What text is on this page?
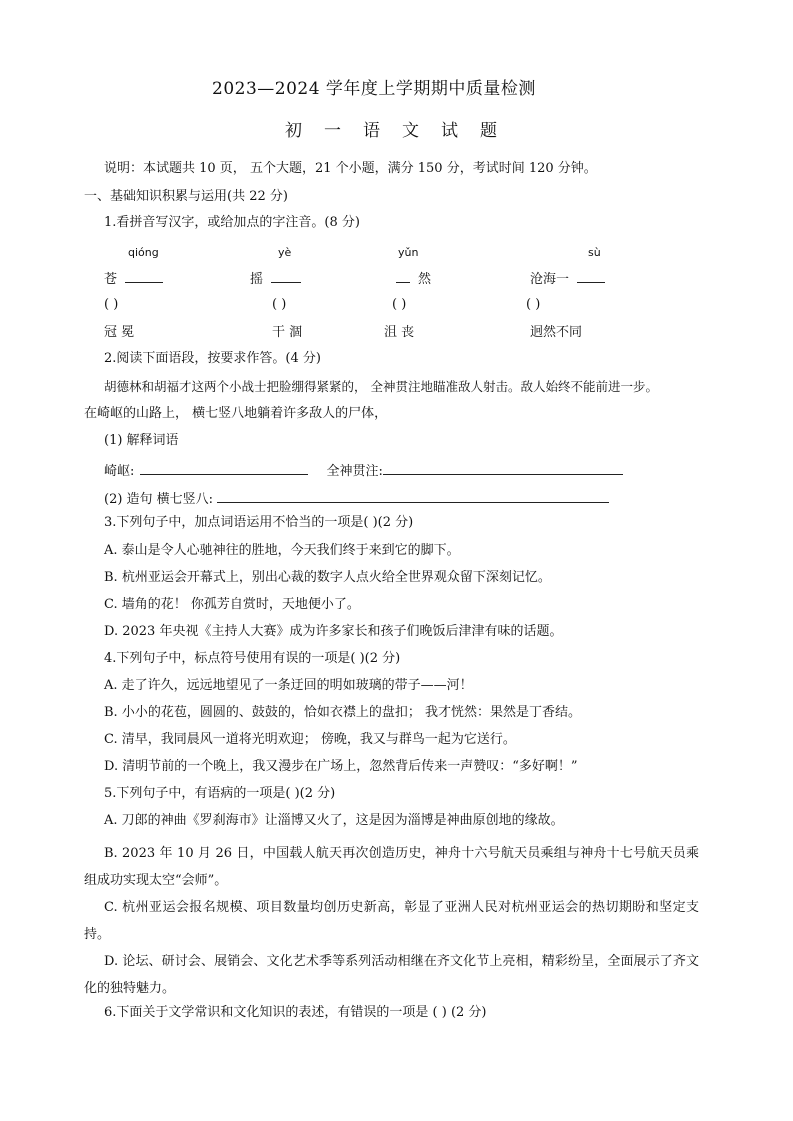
2023—2024 学年度上学期期中质量检测
初 一 语 文 试 题
说明：本试题共 10 页， 五个大题，21 个小题，满分 150 分，考试时间 120 分钟。
一、基础知识积累与运用(共 22 分)
1.看拼音写汉字，或给加点的字注音。(8 分)
qióng	yè	yǔn	sù
苍	摇	然	沧海一
( )	( )	( )	( )
冠 冕	干 涸	沮 丧	迥然不同
2.阅读下面语段，按要求作答。(4 分)
胡德林和胡福才这两个小战士把脸绷得紧紧的， 全神贯注地瞄准敌人射击。敌人始终不能前进一步。
在崎岖的山路上， 横七竖八地躺着许多敌人的尸体，
(1) 解释词语
崎岖:	全神贯注:
(2) 造句 横七竖八:
3.下列句子中，加点词语运用不恰当的一项是( )(2 分)
A. 泰山是令人心驰神往的胜地，今天我们终于来到它的脚下。
B. 杭州亚运会开幕式上，别出心裁的数字人点火给全世界观众留下深刻记忆。
C. 墙角的花！ 你孤芳自赏时，天地便小了。
D. 2023 年央视《主持人大赛》成为许多家长和孩子们晚饭后津津有味的话题。
4.下列句子中，标点符号使用有误的一项是( )(2 分)
A. 走了许久，远远地望见了一条迂回的明如玻璃的带子——河！
B. 小小的花苞，圆圆的、鼓鼓的，恰如衣襟上的盘扣； 我才恍然：果然是丁香结。
C. 清早，我同晨风一道将光明欢迎； 傍晚，我又与群鸟一起为它送行。
D. 清明节前的一个晚上，我又漫步在广场上，忽然背后传来一声赞叹：“多好啊！”
5.下列句子中，有语病的一项是( )(2 分)
A. 刀郎的神曲《罗刹海市》让淄博又火了，这是因为淄博是神曲原创地的缘故。
B. 2023 年 10 月 26 日，中国载人航天再次创造历史，神舟十六号航天员乘组与神舟十七号航天员乘组成功实现太空“会师”。
C. 杭州亚运会报名规模、项目数量均创历史新高，彰显了亚洲人民对杭州亚运会的热切期盼和坚定支持。
D. 论坛、研讨会、展销会、文化艺术季等系列活动相继在齐文化节上亮相，精彩纷呈，全面展示了齐文化的独特魅力。
6.下面关于文学常识和文化知识的表述，有错误的一项是 ( ) (2 分)
